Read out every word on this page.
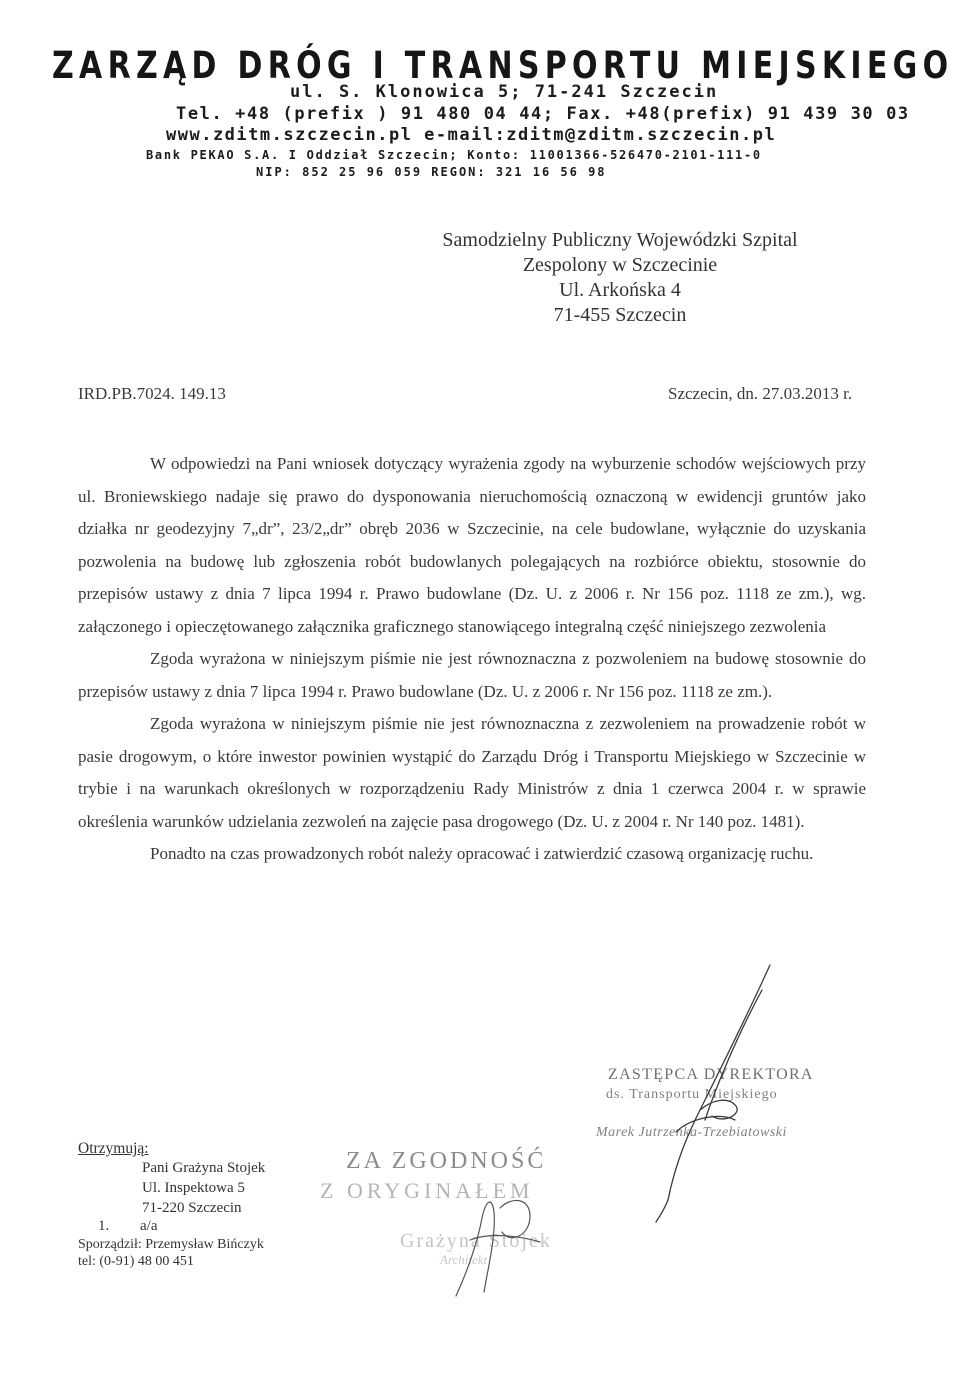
ZARZĄD DRÓG I TRANSPORTU MIEJSKIEGO
ul. S. Klonowica 5; 71-241 Szczecin
Tel. +48 (prefix ) 91 480 04 44; Fax. +48(prefix) 91 439 30 03
www.zditm.szczecin.pl e-mail:zditm@zditm.szczecin.pl
Bank PEKAO S.A. I Oddział Szczecin; Konto: 11001366-526470-2101-111-0
NIP: 852 25 96 059 REGON: 321 16 56 98
Samodzielny Publiczny Wojewódzki Szpital
Zespolony w Szczecinie
Ul. Arkońska 4
71-455 Szczecin
IRD.PB.7024. 149.13	Szczecin, dn. 27.03.2013 r.

W odpowiedzi na Pani wniosek dotyczący wyrażenia zgody na wyburzenie schodów wejściowych przy ul. Broniewskiego nadaje się prawo do dysponowania nieruchomością oznaczoną w ewidencji gruntów jako działka nr geodezyjny 7„dr”, 23/2„dr” obręb 2036 w Szczecinie, na cele budowlane, wyłącznie do uzyskania pozwolenia na budowę lub zgłoszenia robót budowlanych polegających na rozbiórce obiektu, stosownie do przepisów ustawy z dnia 7 lipca 1994 r. Prawo budowlane (Dz. U. z 2006 r. Nr 156 poz. 1118 ze zm.), wg. załączonego i opieczętowanego załącznika graficznego stanowiącego integralną część niniejszego zezwolenia

Zgoda wyrażona w niniejszym piśmie nie jest równoznaczna z pozwoleniem na budowę stosownie do przepisów ustawy z dnia 7 lipca 1994 r. Prawo budowlane (Dz. U. z 2006 r. Nr 156 poz. 1118 ze zm.).

Zgoda wyrażona w niniejszym piśmie nie jest równoznaczna z zezwoleniem na prowadzenie robót w pasie drogowym, o które inwestor powinien wystąpić do Zarządu Dróg i Transportu Miejskiego w Szczecinie w trybie i na warunkach określonych w rozporządzeniu Rady Ministrów z dnia 1 czerwca 2004 r. w sprawie określenia warunków udzielania zezwoleń na zajęcie pasa drogowego (Dz. U. z 2004 r. Nr 140 poz. 1481).

Ponadto na czas prowadzonych robót należy opracować i zatwierdzić czasową organizację ruchu.

ZASTĘPCA DYREKTORA
ds. Transportu Miejskiego
Marek Jutrzenka-Trzebiatowski
ZA ZGODNOŚĆ
Z ORYGINAŁEM
Grażyna Stojek
Architekt
Otrzymują:
Pani Grażyna Stojek
Ul. Inspektowa 5
71-220 Szczecin
1. a/a
Sporządził: Przemysław Bińczyk
tel: (0-91) 48 00 451
